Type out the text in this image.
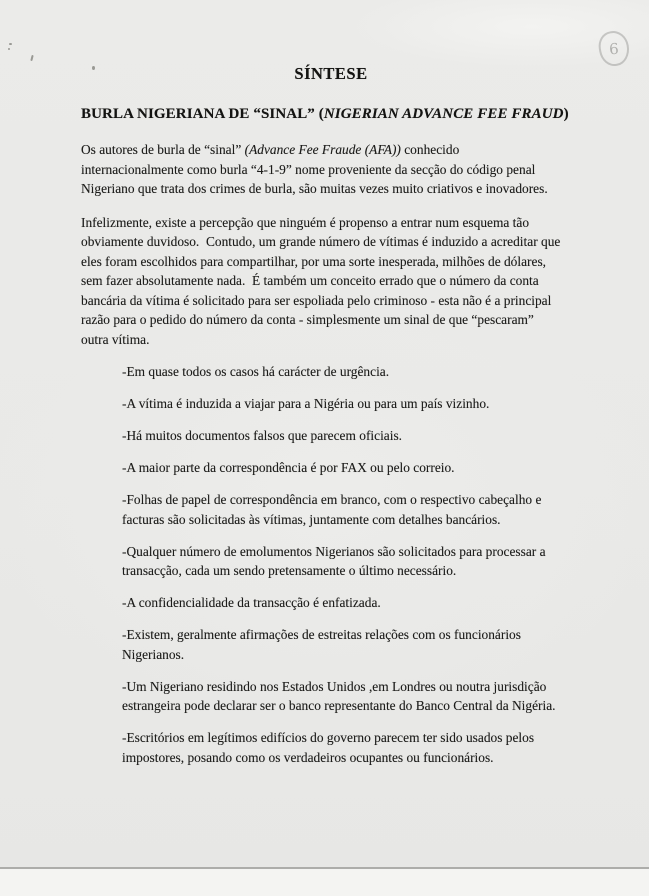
6
SÍNTESE
BURLA NIGERIANA DE “SINAL” (NIGERIAN ADVANCE FEE FRAUD)

Os autores de burla de “sinal” (Advance Fee Fraude (AFA)) conhecido
internacionalmente como burla “4-1-9” nome proveniente da secção do código penal
Nigeriano que trata dos crimes de burla, são muitas vezes muito criativos e inovadores.

Infelizmente, existe a percepção que ninguém é propenso a entrar num esquema tão
obviamente duvidoso.  Contudo, um grande número de vítimas é induzido a acreditar que
eles foram escolhidos para compartilhar, por uma sorte inesperada, milhões de dólares,
sem fazer absolutamente nada.  É também um conceito errado que o número da conta
bancária da vítima é solicitado para ser espoliada pelo criminoso - esta não é a principal
razão para o pedido do número da conta - simplesmente um sinal de que “pescaram”
outra vítima.

-Em quase todos os casos há carácter de urgência.

-A vítima é induzida a viajar para a Nigéria ou para um país vizinho.

-Há muitos documentos falsos que parecem oficiais.

-A maior parte da correspondência é por FAX ou pelo correio.

-Folhas de papel de correspondência em branco, com o respectivo cabeçalho e
facturas são solicitadas às vítimas, juntamente com detalhes bancários.

-Qualquer número de emolumentos Nigerianos são solicitados para processar a
transacção, cada um sendo pretensamente o último necessário.

-A confidencialidade da transacção é enfatizada.

-Existem, geralmente afirmações de estreitas relações com os funcionários
Nigerianos.

-Um Nigeriano residindo nos Estados Unidos ,em Londres ou noutra jurisdição
estrangeira pode declarar ser o banco representante do Banco Central da Nigéria.

-Escritórios em legítimos edifícios do governo parecem ter sido usados pelos
impostores, posando como os verdadeiros ocupantes ou funcionários.
